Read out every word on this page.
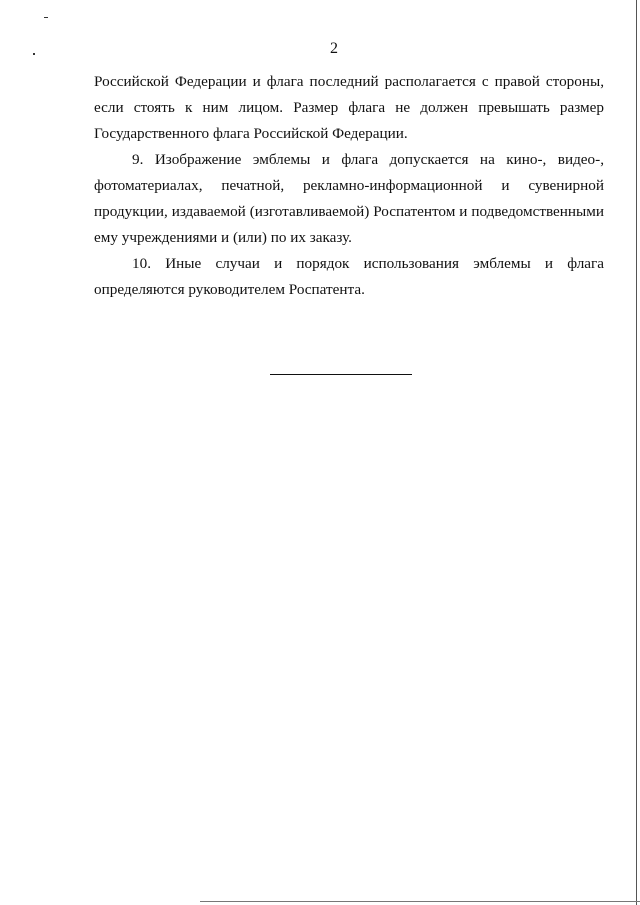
2
Российской Федерации и флага последний располагается с правой стороны,
если стоять к ним лицом. Размер флага не должен превышать размер
Государственного флага Российской Федерации.
9. Изображение эмблемы и флага допускается на кино-, видео-,
фотоматериалах, печатной, рекламно-информационной и сувенирной
продукции, издаваемой (изготавливаемой) Роспатентом и подведомственными
ему учреждениями и (или) по их заказу.
10. Иные случаи и порядок использования эмблемы и флага
определяются руководителем Роспатента.
